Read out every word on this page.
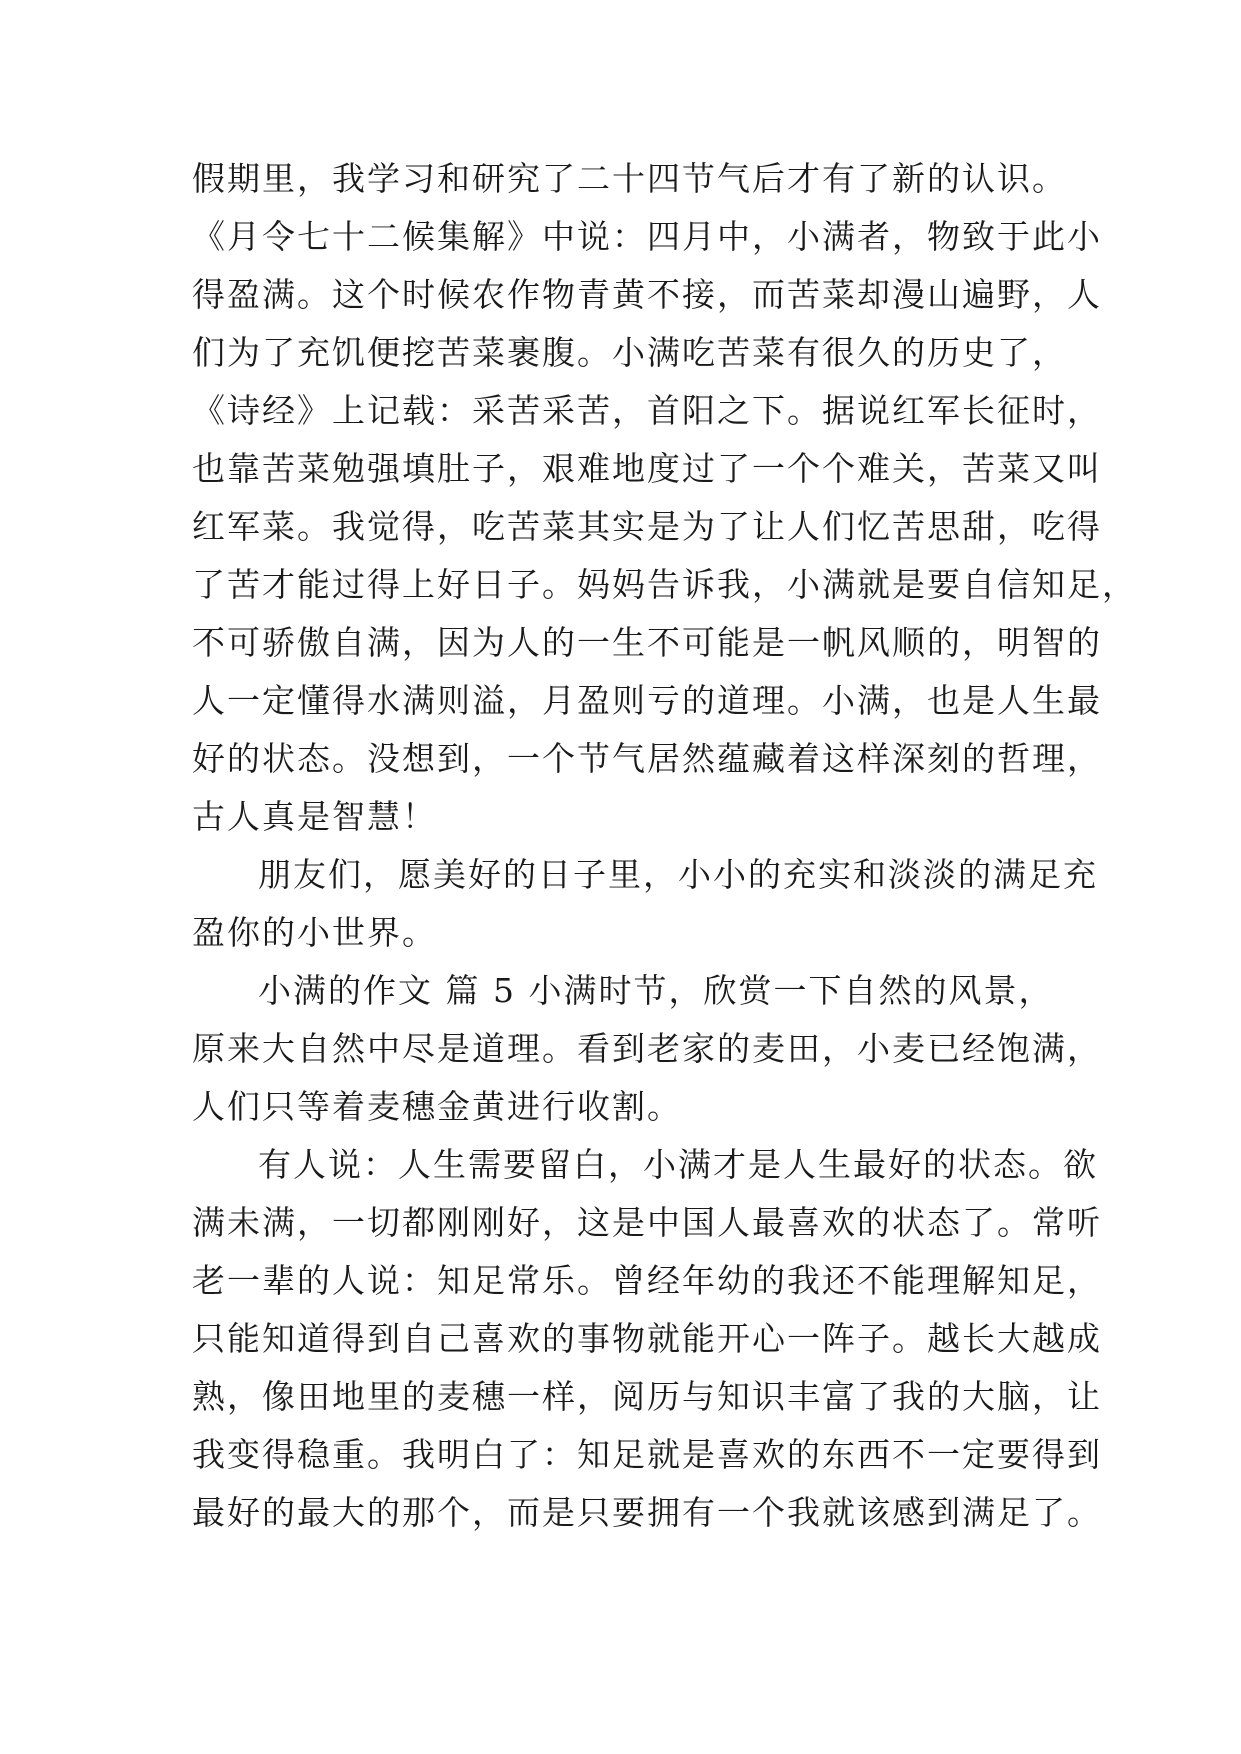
假期里，我学习和研究了二十四节气后才有了新的认识。
《月令七十二候集解》中说：四月中，小满者，物致于此小
得盈满。这个时候农作物青黄不接，而苦菜却漫山遍野，人
们为了充饥便挖苦菜裹腹。小满吃苦菜有很久的历史了，
《诗经》上记载：采苦采苦，首阳之下。据说红军长征时，
也靠苦菜勉强填肚子，艰难地度过了一个个难关，苦菜又叫
红军菜。我觉得，吃苦菜其实是为了让人们忆苦思甜，吃得
了苦才能过得上好日子。妈妈告诉我，小满就是要自信知足，
不可骄傲自满，因为人的一生不可能是一帆风顺的，明智的
人一定懂得水满则溢，月盈则亏的道理。小满，也是人生最
好的状态。没想到，一个节气居然蕴藏着这样深刻的哲理，
古人真是智慧！
朋友们，愿美好的日子里，小小的充实和淡淡的满足充
盈你的小世界。
小满的作文 篇 5 小满时节，欣赏一下自然的风景，
原来大自然中尽是道理。看到老家的麦田，小麦已经饱满，
人们只等着麦穗金黄进行收割。
有人说：人生需要留白，小满才是人生最好的状态。欲
满未满，一切都刚刚好，这是中国人最喜欢的状态了。常听
老一辈的人说：知足常乐。曾经年幼的我还不能理解知足，
只能知道得到自己喜欢的事物就能开心一阵子。越长大越成
熟，像田地里的麦穗一样，阅历与知识丰富了我的大脑，让
我变得稳重。我明白了：知足就是喜欢的东西不一定要得到
最好的最大的那个，而是只要拥有一个我就该感到满足了。
